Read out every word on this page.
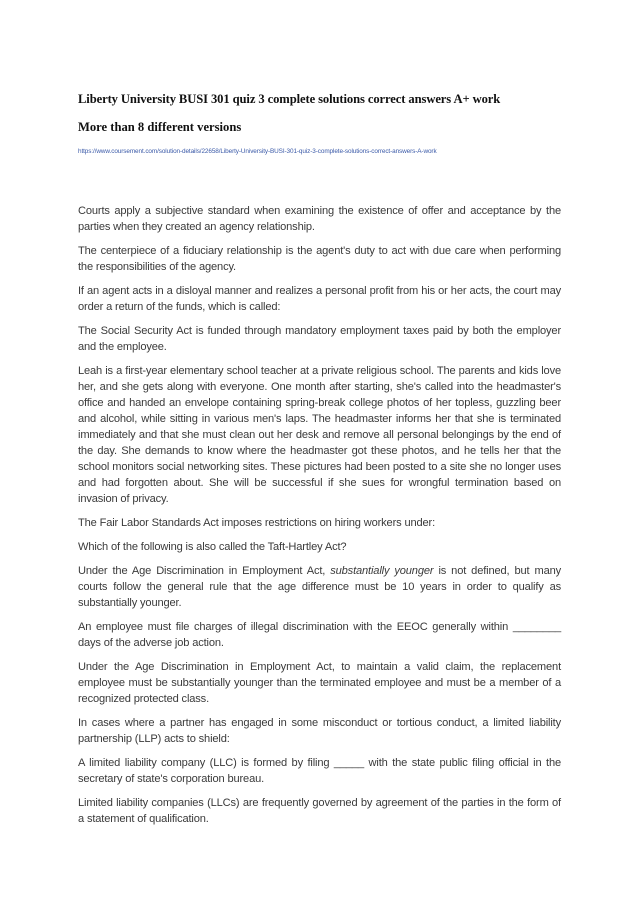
Liberty University BUSI 301 quiz 3 complete solutions correct answers A+ work
More than 8 different versions
https://www.coursement.com/solution-details/22658/Liberty-University-BUSI-301-quiz-3-complete-solutions-correct-answers-A-work

Courts apply a subjective standard when examining the existence of offer and acceptance by the parties when they created an agency relationship.

The centerpiece of a fiduciary relationship is the agent's duty to act with due care when performing the responsibilities of the agency.

If an agent acts in a disloyal manner and realizes a personal profit from his or her acts, the court may order a return of the funds, which is called:

The Social Security Act is funded through mandatory employment taxes paid by both the employer and the employee.

Leah is a first-year elementary school teacher at a private religious school. The parents and kids love her, and she gets along with everyone. One month after starting, she's called into the headmaster's office and handed an envelope containing spring-break college photos of her topless, guzzling beer and alcohol, while sitting in various men's laps. The headmaster informs her that she is terminated immediately and that she must clean out her desk and remove all personal belongings by the end of the day. She demands to know where the headmaster got these photos, and he tells her that the school monitors social networking sites. These pictures had been posted to a site she no longer uses and had forgotten about. She will be successful if she sues for wrongful termination based on invasion of privacy.

The Fair Labor Standards Act imposes restrictions on hiring workers under:

Which of the following is also called the Taft-Hartley Act?

Under the Age Discrimination in Employment Act, substantially younger is not defined, but many courts follow the general rule that the age difference must be 10 years in order to qualify as substantially younger.

An employee must file charges of illegal discrimination with the EEOC generally within ________ days of the adverse job action.

Under the Age Discrimination in Employment Act, to maintain a valid claim, the replacement employee must be substantially younger than the terminated employee and must be a member of a recognized protected class.

In cases where a partner has engaged in some misconduct or tortious conduct, a limited liability partnership (LLP) acts to shield:

A limited liability company (LLC) is formed by filing _____ with the state public filing official in the secretary of state's corporation bureau.

Limited liability companies (LLCs) are frequently governed by agreement of the parties in the form of a statement of qualification.
